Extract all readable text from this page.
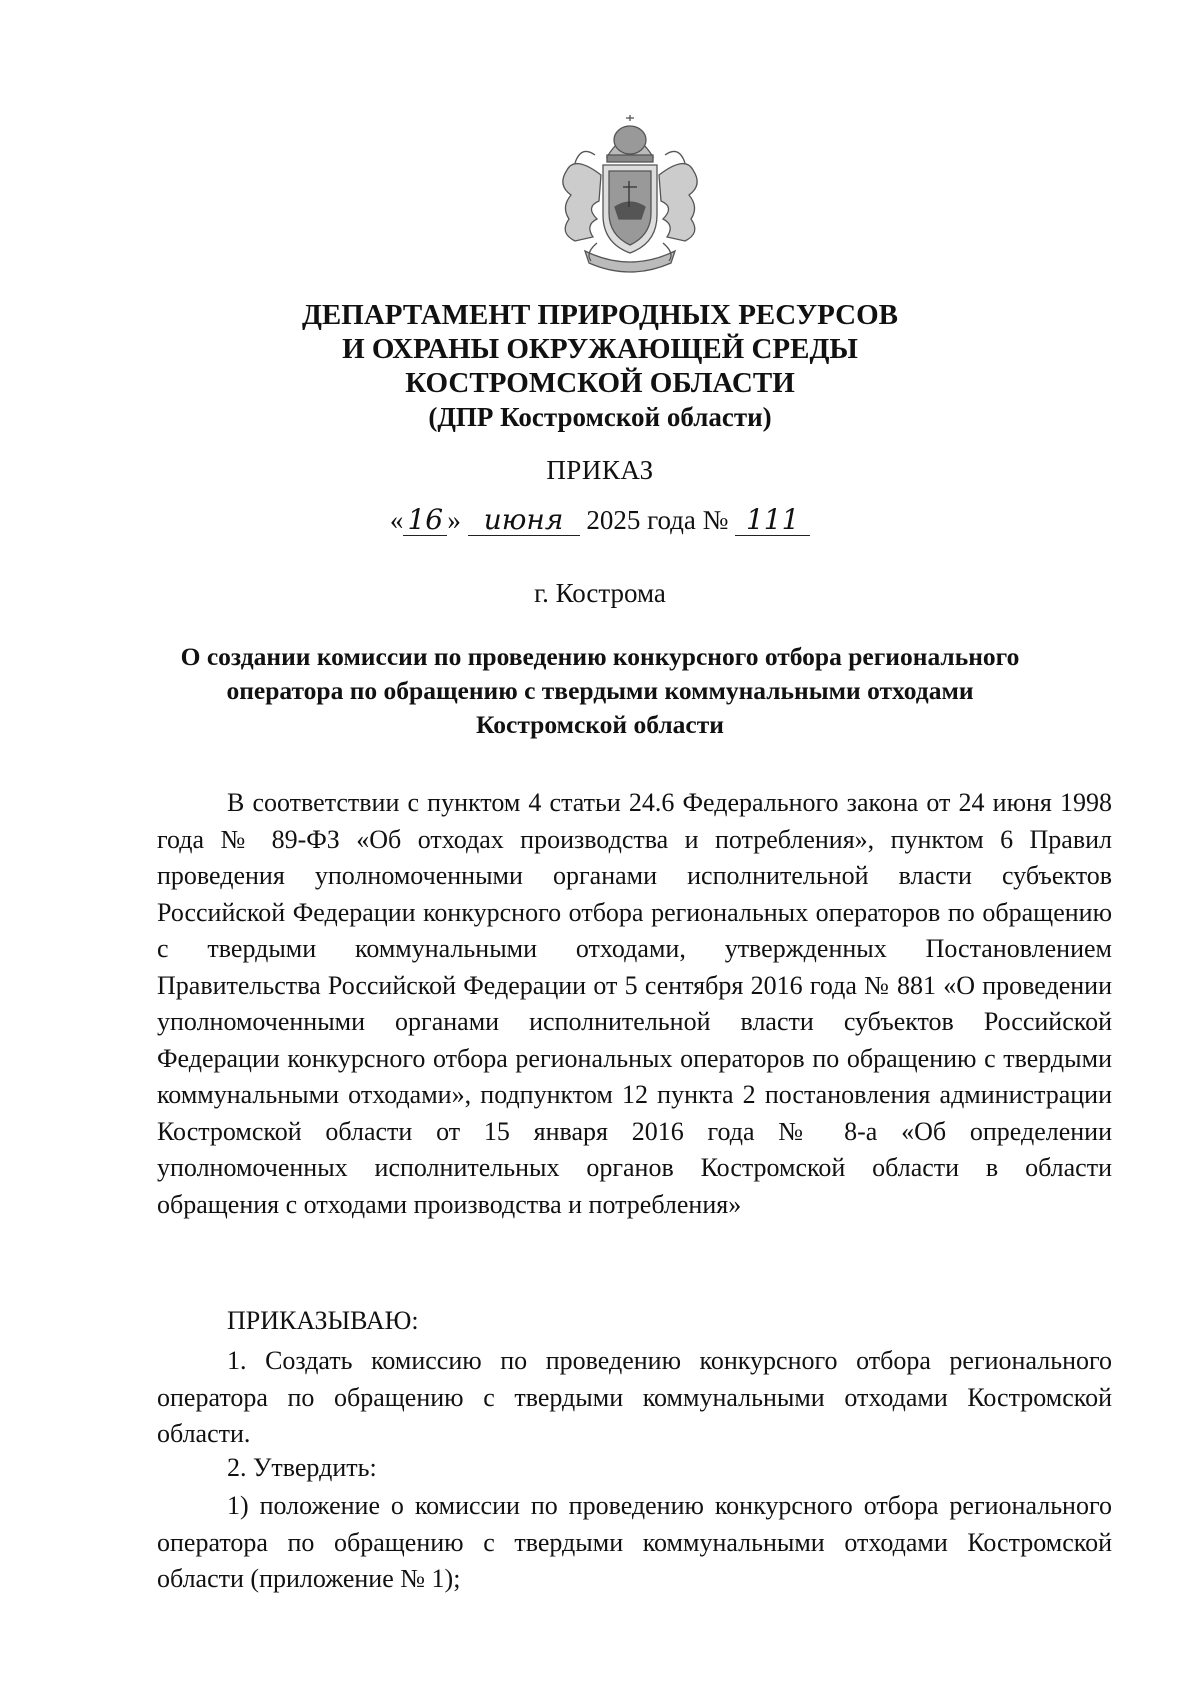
ДЕПАРТАМЕНТ ПРИРОДНЫХ РЕСУРСОВ
И ОХРАНЫ ОКРУЖАЮЩЕЙ СРЕДЫ
КОСТРОМСКОЙ ОБЛАСТИ
(ДПР Костромской области)
ПРИКАЗ
« 16 » июня 2025 года № 111
г. Кострома
О создании комиссии по проведению конкурсного отбора регионального оператора по обращению с твердыми коммунальными отходами Костромской области
В соответствии с пунктом 4 статьи 24.6 Федерального закона от 24 июня 1998 года № 89-ФЗ «Об отходах производства и потребления», пунктом 6 Правил проведения уполномоченными органами исполнительной власти субъектов Российской Федерации конкурсного отбора региональных операторов по обращению с твердыми коммунальными отходами, утвержденных Постановлением Правительства Российской Федерации от 5 сентября 2016 года № 881 «О проведении уполномоченными органами исполнительной власти субъектов Российской Федерации конкурсного отбора региональных операторов по обращению с твердыми коммунальными отходами», подпунктом 12 пункта 2 постановления администрации Костромской области от 15 января 2016 года № 8-а «Об определении уполномоченных исполнительных органов Костромской области в области обращения с отходами производства и потребления»
ПРИКАЗЫВАЮ:
1. Создать комиссию по проведению конкурсного отбора регионального оператора по обращению с твердыми коммунальными отходами Костромской области.
2. Утвердить:
1) положение о комиссии по проведению конкурсного отбора регионального оператора по обращению с твердыми коммунальными отходами Костромской области (приложение № 1);
